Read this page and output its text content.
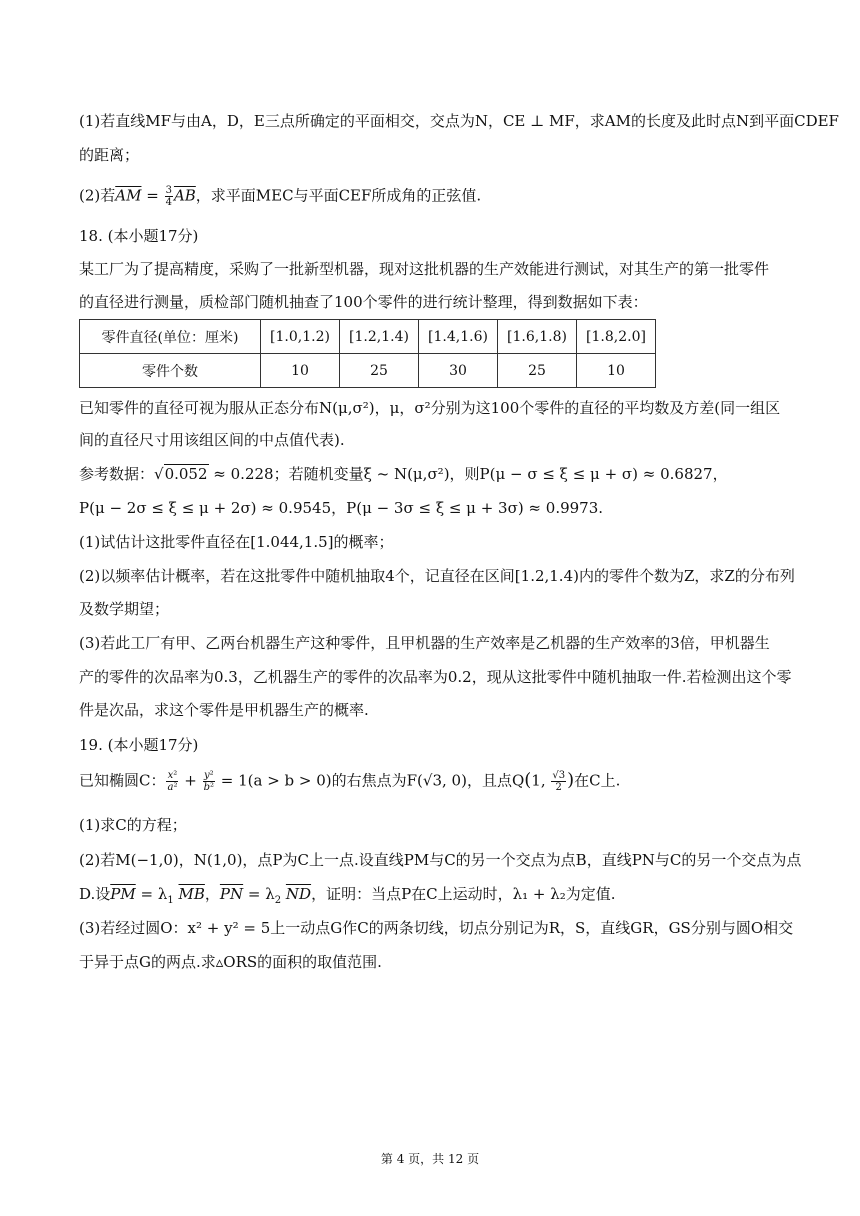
(1)若直线MF与由A，D，E三点所确定的平面相交，交点为N，CE ⊥ MF，求AM的长度及此时点N到平面CDEF
的距离；
(2)若$\overline{AM} = \frac{3}{4} \overline{AB}$，求平面MEC与平面CEF所成角的正弦值.
18. (本小题17分)
某工厂为了提高精度，采购了一批新型机器，现对这批机器的生产效能进行测试，对其生产的第一批零件
的直径进行测量，质检部门随机抽查了100个零件的进行统计整理，得到数据如下表：
零件直径(单位：厘米)	[1.0,1.2)	[1.2,1.4)	[1.4,1.6)	[1.6,1.8)	[1.8,2.0]
零件个数	10	25	30	25	10
已知零件的直径可视为服从正态分布N(μ,σ²)，μ，σ²分别为这100个零件的直径的平均数及方差(同一组区
间的直径尺寸用该组区间的中点值代表).
参考数据：√0.052 ≈ 0.228；若随机变量ξ ~ N(μ,σ²)，则P(μ − σ ≤ ξ ≤ μ + σ) ≈ 0.6827，
P(μ − 2σ ≤ ξ ≤ μ + 2σ) ≈ 0.9545，P(μ − 3σ ≤ ξ ≤ μ + 3σ) ≈ 0.9973.
(1)试估计这批零件直径在[1.044,1.5]的概率；
(2)以频率估计概率，若在这批零件中随机抽取4个，记直径在区间[1.2,1.4)内的零件个数为Z，求Z的分布列
及数学期望；
(3)若此工厂有甲、乙两台机器生产这种零件，且甲机器的生产效率是乙机器的生产效率的3倍，甲机器生
产的零件的次品率为0.3，乙机器生产的零件的次品率为0.2，现从这批零件中随机抽取一件.若检测出这个零
件是次品，求这个零件是甲机器生产的概率.
19. (本小题17分)
已知椭圆C： $\frac{\text{x²}}{\text{a²}} + \frac{\text{y²}}{\text{b²}} = 1(a > b > 0)$的右焦点为F(√3, 0)，且点Q(1, $\frac{√3}{2}$ )在C上.
(1)求C的方程；
(2)若M(−1,0)，N(1,0)，点P为C上一点.设直线PM与C的另一个交点为点B，直线PN与C的另一个交点为点
D.设$\overline{PM} = \lambda_1$ $\overline{MB}$，$\overline{PN} = \lambda_2$ $\overline{ND}$，证明：当点P在C上运动时，λ₁ + λ₂为定值.
(3)若经过圆O：x² + y² = 5上一动点G作C的两条切线，切点分别记为R，S，直线GR，GS分别与圆O相交
于异于点G的两点.求▵ORS的面积的取值范围.
第 4 页，共 12 页
